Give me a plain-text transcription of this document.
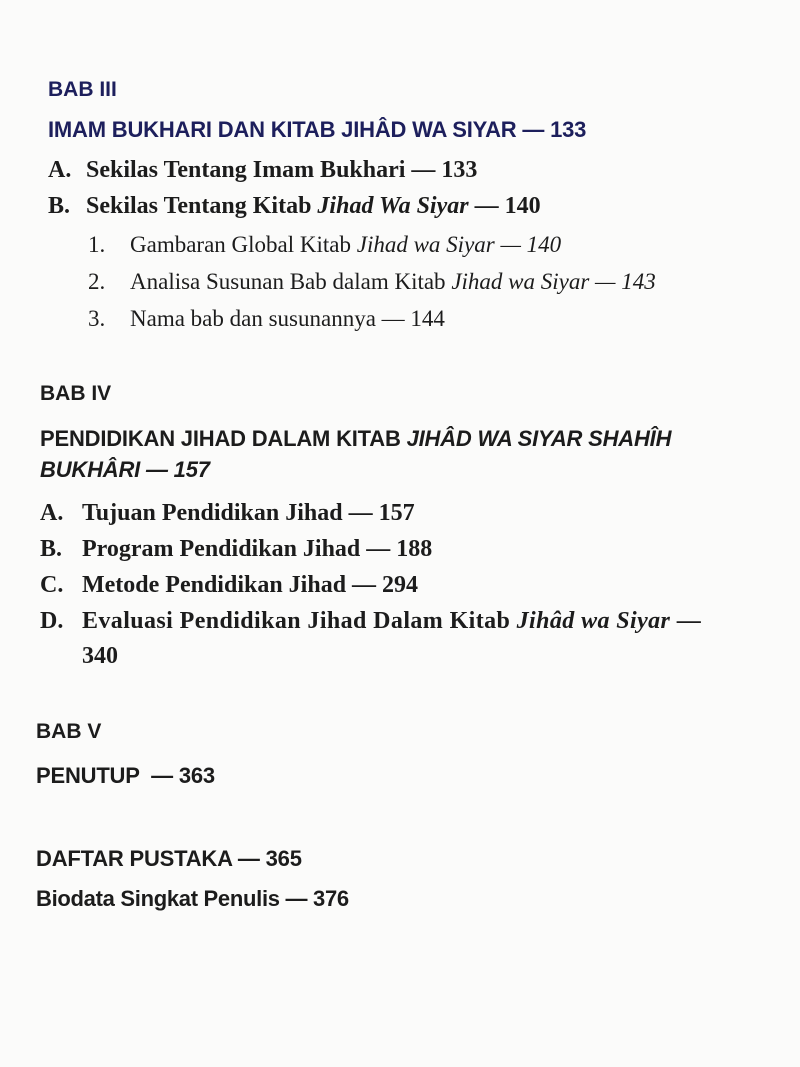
BAB III
IMAM BUKHARI DAN KITAB JIHÂD WA SIYAR — 133
A. Sekilas Tentang Imam Bukhari — 133
B. Sekilas Tentang Kitab Jihad Wa Siyar — 140
1. Gambaran Global Kitab Jihad wa Siyar — 140
2. Analisa Susunan Bab dalam Kitab Jihad wa Siyar — 143
3. Nama bab dan susunannya — 144
BAB IV
PENDIDIKAN JIHAD DALAM KITAB JIHÂD WA SIYAR SHAHÎH
BUKHÂRI — 157
A. Tujuan Pendidikan Jihad — 157
B. Program Pendidikan Jihad — 188
C. Metode Pendidikan Jihad — 294
D. Evaluasi Pendidikan Jihad Dalam Kitab Jihâd wa Siyar —
340
BAB V
PENUTUP  — 363
DAFTAR PUSTAKA — 365
Biodata Singkat Penulis — 376
